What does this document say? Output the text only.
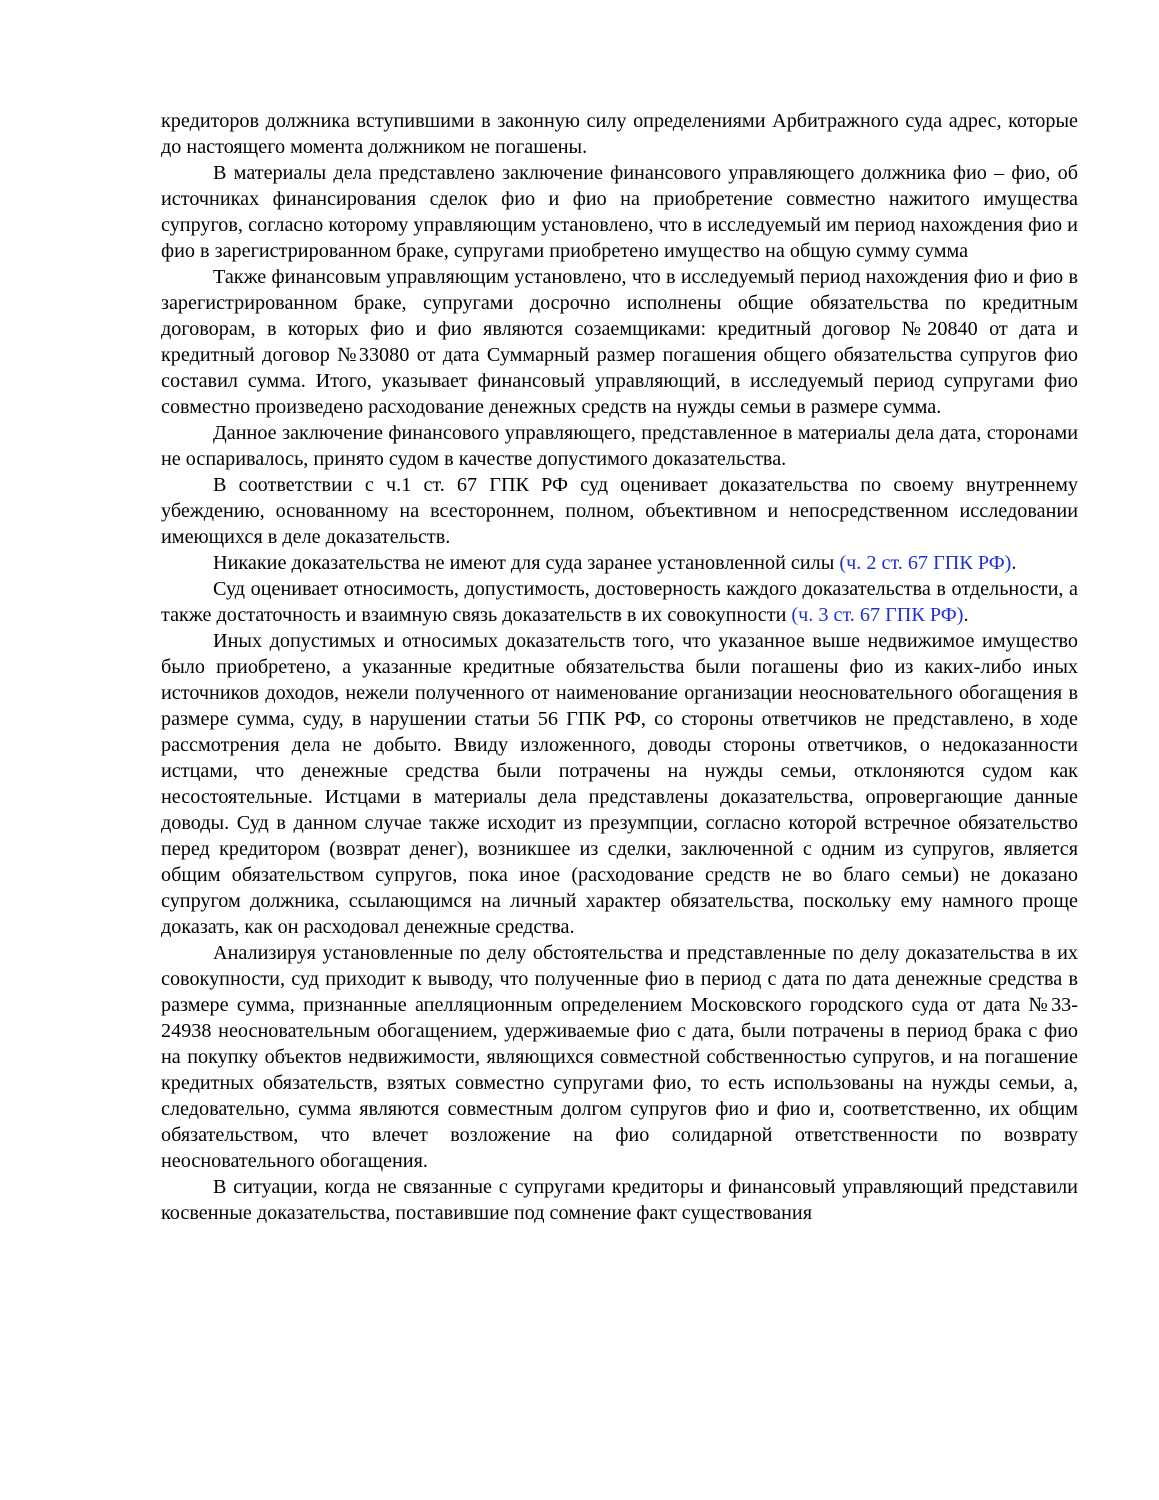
кредиторов должника вступившими в законную силу определениями Арбитражного суда адрес, которые до настоящего момента должником не погашены.

В материалы дела представлено заключение финансового управляющего должника фио – фио, об источниках финансирования сделок фио и фио на приобретение совместно нажитого имущества супругов, согласно которому управляющим установлено, что в исследуемый им период нахождения фио и фио в зарегистрированном браке, супругами приобретено имущество на общую сумму сумма

Также финансовым управляющим установлено, что в исследуемый период нахождения фио и фио в зарегистрированном браке, супругами досрочно исполнены общие обязательства по кредитным договорам, в которых фио и фио являются созаемщиками: кредитный договор №20840 от дата и кредитный договор №33080 от дата Суммарный размер погашения общего обязательства супругов фио составил сумма. Итого, указывает финансовый управляющий, в исследуемый период супругами фио совместно произведено расходование денежных средств на нужды семьи в размере сумма.

Данное заключение финансового управляющего, представленное в материалы дела дата, сторонами не оспаривалось, принято судом в качестве допустимого доказательства.

В соответствии с ч.1 ст. 67 ГПК РФ суд оценивает доказательства по своему внутреннему убеждению, основанному на всестороннем, полном, объективном и непосредственном исследовании имеющихся в деле доказательств.

Никакие доказательства не имеют для суда заранее установленной силы (ч. 2 ст. 67 ГПК РФ).

Суд оценивает относимость, допустимость, достоверность каждого доказательства в отдельности, а также достаточность и взаимную связь доказательств в их совокупности (ч. 3 ст. 67 ГПК РФ).

Иных допустимых и относимых доказательств того, что указанное выше недвижимое имущество было приобретено, а указанные кредитные обязательства были погашены фио из каких-либо иных источников доходов, нежели полученного от наименование организации неосновательного обогащения в размере сумма, суду, в нарушении статьи 56 ГПК РФ, со стороны ответчиков не представлено, в ходе рассмотрения дела не добыто. Ввиду изложенного, доводы стороны ответчиков, о недоказанности истцами, что денежные средства были потрачены на нужды семьи, отклоняются судом как несостоятельные. Истцами в материалы дела представлены доказательства, опровергающие данные доводы. Суд в данном случае также исходит из презумпции, согласно которой встречное обязательство перед кредитором (возврат денег), возникшее из сделки, заключенной с одним из супругов, является общим обязательством супругов, пока иное (расходование средств не во благо семьи) не доказано супругом должника, ссылающимся на личный характер обязательства, поскольку ему намного проще доказать, как он расходовал денежные средства.

Анализируя установленные по делу обстоятельства и представленные по делу доказательства в их совокупности, суд приходит к выводу, что полученные фио в период с дата по дата денежные средства в размере сумма, признанные апелляционным определением Московского городского суда от дата №33-24938 неосновательным обогащением, удерживаемые фио с дата, были потрачены в период брака с фио на покупку объектов недвижимости, являющихся совместной собственностью супругов, и на погашение кредитных обязательств, взятых совместно супругами фио, то есть использованы на нужды семьи, а, следовательно, сумма являются совместным долгом супругов фио и фио и, соответственно, их общим обязательством, что влечет возложение на фио солидарной ответственности по возврату неосновательного обогащения.

В ситуации, когда не связанные с супругами кредиторы и финансовый управляющий представили косвенные доказательства, поставившие под сомнение факт существования
